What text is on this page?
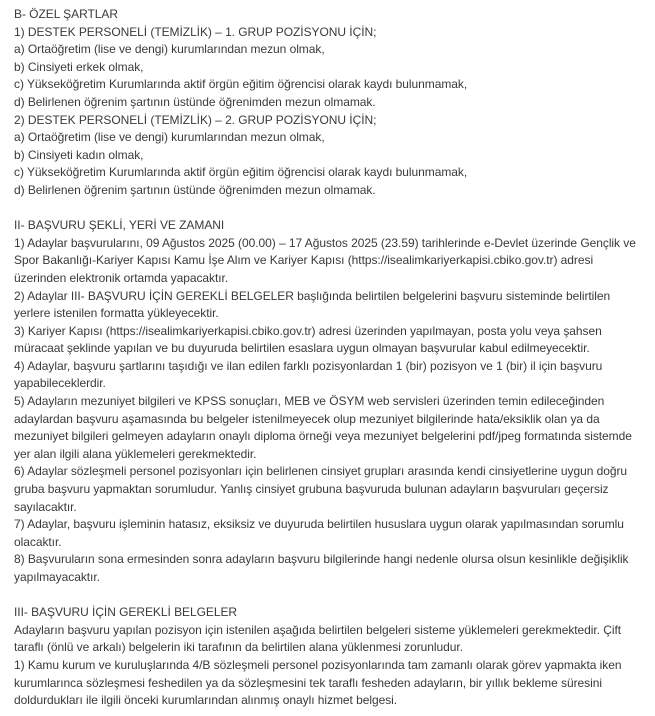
B- ÖZEL ŞARTLAR

1) DESTEK PERSONELİ (TEMİZLİK) – 1. GRUP POZİSYONU İÇİN;

a) Ortaöğretim (lise ve dengi) kurumlarından mezun olmak,

b) Cinsiyeti erkek olmak,

c) Yükseköğretim Kurumlarında aktif örgün eğitim öğrencisi olarak kaydı bulunmamak,

d) Belirlenen öğrenim şartının üstünde öğrenimden mezun olmamak.

2) DESTEK PERSONELİ (TEMİZLİK) – 2. GRUP POZİSYONU İÇİN;

a) Ortaöğretim (lise ve dengi) kurumlarından mezun olmak,

b) Cinsiyeti kadın olmak,

c) Yükseköğretim Kurumlarında aktif örgün eğitim öğrencisi olarak kaydı bulunmamak,

d) Belirlenen öğrenim şartının üstünde öğrenimden mezun olmamak.

II- BAŞVURU ŞEKLİ, YERİ VE ZAMANI

1) Adaylar başvurularını, 09 Ağustos 2025 (00.00) – 17 Ağustos 2025 (23.59) tarihlerinde e-Devlet üzerinde Gençlik ve Spor Bakanlığı-Kariyer Kapısı Kamu İşe Alım ve Kariyer Kapısı (https://isealimkariyerkapisi.cbiko.gov.tr) adresi üzerinden elektronik ortamda yapacaktır.

2) Adaylar III- BAŞVURU İÇİN GEREKLİ BELGELER başlığında belirtilen belgelerini başvuru sisteminde belirtilen yerlere istenilen formatta yükleyecektir.

3) Kariyer Kapısı (https://isealimkariyerkapisi.cbiko.gov.tr) adresi üzerinden yapılmayan, posta yolu veya şahsen müracaat şeklinde yapılan ve bu duyuruda belirtilen esaslara uygun olmayan başvurular kabul edilmeyecektir.

4) Adaylar, başvuru şartlarını taşıdığı ve ilan edilen farklı pozisyonlardan 1 (bir) pozisyon ve 1 (bir) il için başvuru yapabileceklerdir.

5) Adayların mezuniyet bilgileri ve KPSS sonuçları, MEB ve ÖSYM web servisleri üzerinden temin edileceğinden adaylardan başvuru aşamasında bu belgeler istenilmeyecek olup mezuniyet bilgilerinde hata/eksiklik olan ya da mezuniyet bilgileri gelmeyen adayların onaylı diploma örneği veya mezuniyet belgelerini pdf/jpeg formatında sistemde yer alan ilgili alana yüklemeleri gerekmektedir.

6) Adaylar sözleşmeli personel pozisyonları için belirlenen cinsiyet grupları arasında kendi cinsiyetlerine uygun doğru gruba başvuru yapmaktan sorumludur. Yanlış cinsiyet grubuna başvuruda bulunan adayların başvuruları geçersiz sayılacaktır.

7) Adaylar, başvuru işleminin hatasız, eksiksiz ve duyuruda belirtilen hususlara uygun olarak yapılmasından sorumlu olacaktır.

8) Başvuruların sona ermesinden sonra adayların başvuru bilgilerinde hangi nedenle olursa olsun kesinlikle değişiklik yapılmayacaktır.

III- BAŞVURU İÇİN GEREKLİ BELGELER

Adayların başvuru yapılan pozisyon için istenilen aşağıda belirtilen belgeleri sisteme yüklemeleri gerekmektedir. Çift taraflı (önlü ve arkalı) belgelerin iki tarafının da belirtilen alana yüklenmesi zorunludur.

1) Kamu kurum ve kuruluşlarında 4/B sözleşmeli personel pozisyonlarında tam zamanlı olarak görev yapmakta iken kurumlarınca sözleşmesi feshedilen ya da sözleşmesini tek taraflı fesheden adayların, bir yıllık bekleme süresini doldurdukları ile ilgili önceki kurumlarından alınmış onaylı hizmet belgesi.
